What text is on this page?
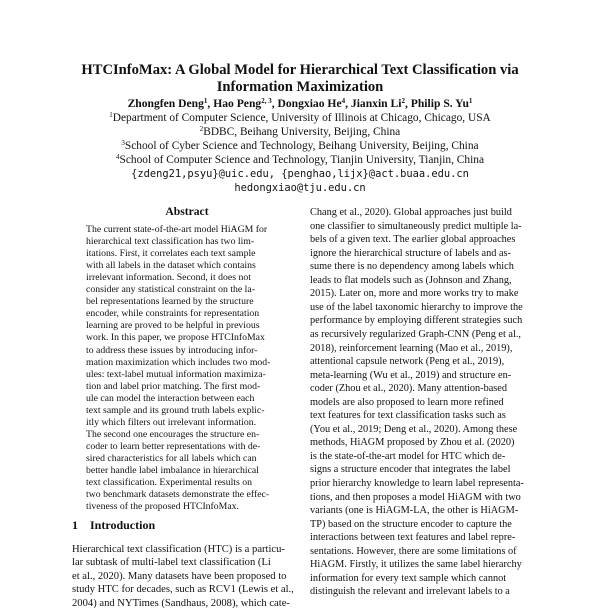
HTCInfoMax: A Global Model for Hierarchical Text Classification via
Information Maximization
Zhongfen Deng$^1$, Hao Peng$^{2, 3}$, Dongxiao He$^4$, Jianxin Li$^2$, Philip S. Yu$^1$
$^1$Department of Computer Science, University of Illinois at Chicago, Chicago, USA
$^2$BDBC, Beihang University, Beijing, China
$^3$School of Cyber Science and Technology, Beihang University, Beijing, China
$^4$School of Computer Science and Technology, Tianjin University, Tianjin, China
{zdeng21,psyu}@uic.edu, {penghao,lijx}@act.buaa.edu.cn
hedongxiao@tju.edu.cn
Abstract
The current state-of-the-art model HiAGM for
hierarchical text classification has two lim-
itations. First, it correlates each text sample
with all labels in the dataset which contains
irrelevant information. Second, it does not
consider any statistical constraint on the la-
bel representations learned by the structure
encoder, while constraints for representation
learning are proved to be helpful in previous
work. In this paper, we propose HTCInfoMax
to address these issues by introducing infor-
mation maximization which includes two mod-
ules: text-label mutual information maximiza-
tion and label prior matching. The first mod-
ule can model the interaction between each
text sample and its ground truth labels explic-
itly which filters out irrelevant information.
The second one encourages the structure en-
coder to learn better representations with de-
sired characteristics for all labels which can
better handle label imbalance in hierarchical
text classification. Experimental results on
two benchmark datasets demonstrate the effec-
tiveness of the proposed HTCInfoMax.
1 Introduction
Hierarchical text classification (HTC) is a particu-
lar subtask of multi-label text classification (Li
et al., 2020). Many datasets have been proposed to
study HTC for decades, such as RCV1 (Lewis et al.,
2004) and NYTimes (Sandhaus, 2008), which cate-
Chang et al., 2020). Global approaches just build
one classifier to simultaneously predict multiple la-
bels of a given text. The earlier global approaches
ignore the hierarchical structure of labels and as-
sume there is no dependency among labels which
leads to flat models such as (Johnson and Zhang,
2015). Later on, more and more works try to make
use of the label taxonomic hierarchy to improve the
performance by employing different strategies such
as recursively regularized Graph-CNN (Peng et al.,
2018), reinforcement learning (Mao et al., 2019),
attentional capsule network (Peng et al., 2019),
meta-learning (Wu et al., 2019) and structure en-
coder (Zhou et al., 2020). Many attention-based
models are also proposed to learn more refined
text features for text classification tasks such as
(You et al., 2019; Deng et al., 2020). Among these
methods, HiAGM proposed by Zhou et al. (2020)
is the state-of-the-art model for HTC which de-
signs a structure encoder that integrates the label
prior hierarchy knowledge to learn label representa-
tions, and then proposes a model HiAGM with two
variants (one is HiAGM-LA, the other is HiAGM-
TP) based on the structure encoder to capture the
interactions between text features and label repre-
sentations. However, there are some limitations of
HiAGM. Firstly, it utilizes the same label hierarchy
information for every text sample which cannot
distinguish the relevant and irrelevant labels to a
